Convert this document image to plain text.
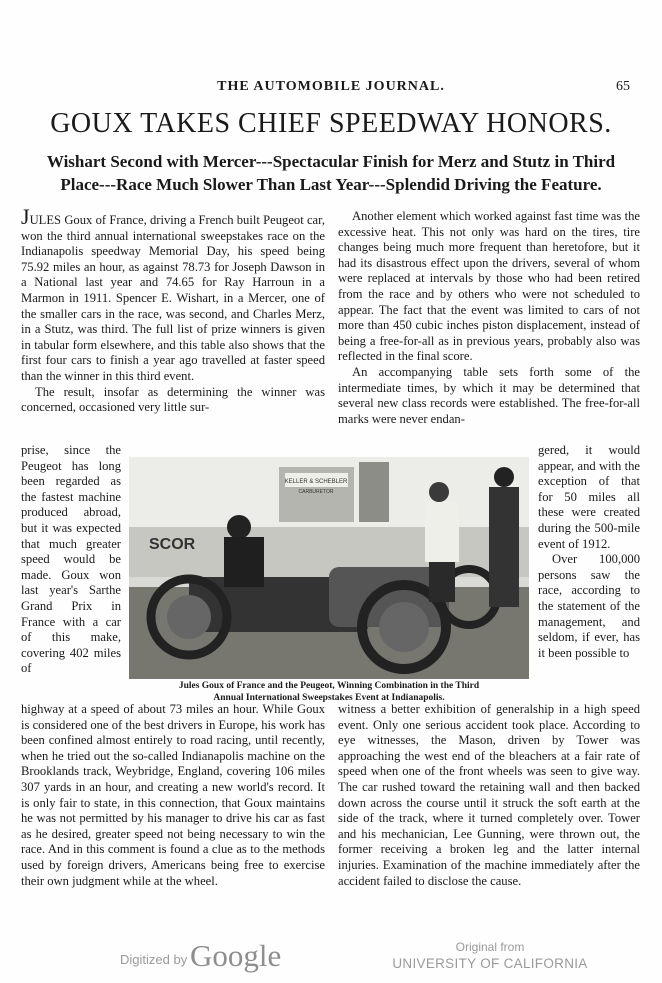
THE AUTOMOBILE JOURNAL.	65
GOUX TAKES CHIEF SPEEDWAY HONORS.
Wishart Second with Mercer---Spectacular Finish for Merz and Stutz in Third
Place---Race Much Slower Than Last Year---Splendid Driving the Feature.

JULES Goux of France, driving a French built Peugeot car, won the third annual international sweepstakes race on the Indianapolis speedway Memorial Day, his speed being 75.92 miles an hour, as against 78.73 for Joseph Dawson in a National last year and 74.65 for Ray Harroun in a Marmon in 1911. Spencer E. Wishart, in a Mercer, one of the smaller cars in the race, was second, and Charles Merz, in a Stutz, was third. The full list of prize winners is given in tabular form elsewhere, and this table also shows that the first four cars to finish a year ago travelled at faster speed than the winner in this third event.

The result, insofar as determining the winner was concerned, occasioned very little sur-

Another element which worked against fast time was the excessive heat. This not only was hard on the tires, tire changes being much more frequent than heretofore, but it had its disastrous effect upon the drivers, several of whom were replaced at intervals by those who had been retired from the race and by others who were not scheduled to appear. The fact that the event was limited to cars of not more than 450 cubic inches piston displacement, instead of being a free-for-all as in previous years, probably also was reflected in the final score.

An accompanying table sets forth some of the intermediate times, by which it may be determined that several new class records were established. The free-for-all marks were never endan-

prise, since the Peugeot has long been regarded as the fastest machine produced abroad, but it was expected that much greater speed would be made. Goux won last year's Sarthe Grand Prix in France with a car of this make, covering 402 miles of

gered, it would appear, and with the exception of that for 50 miles all these were created during the 500-mile event of 1912.

Over 100,000 persons saw the race, according to the statement of the management, and seldom, if ever, has it been possible to

KELLER & SCHEBLER
CARBURETOR
SCOR
Jules Goux of France and the Peugeot, Winning Combination in the Third
Annual International Sweepstakes Event at Indianapolis.

highway at a speed of about 73 miles an hour. While Goux is considered one of the best drivers in Europe, his work has been confined almost entirely to road racing, until recently, when he tried out the so-called Indianapolis machine on the Brooklands track, Weybridge, England, covering 106 miles 307 yards in an hour, and creating a new world's record. It is only fair to state, in this connection, that Goux maintains he was not permitted by his manager to drive his car as fast as he desired, greater speed not being necessary to win the race. And in this comment is found a clue as to the methods used by foreign drivers, Americans being free to exercise their own judgment while at the wheel.

witness a better exhibition of generalship in a high speed event. Only one serious accident took place. According to eye witnesses, the Mason, driven by Tower was approaching the west end of the bleachers at a fair rate of speed when one of the front wheels was seen to give way. The car rushed toward the retaining wall and then backed down across the course until it struck the soft earth at the side of the track, where it turned completely over. Tower and his mechanician, Lee Gunning, were thrown out, the former receiving a broken leg and the latter internal injuries. Examination of the machine immediately after the accident failed to disclose the cause.

Digitized by Google	Original from
UNIVERSITY OF CALIFORNIA
